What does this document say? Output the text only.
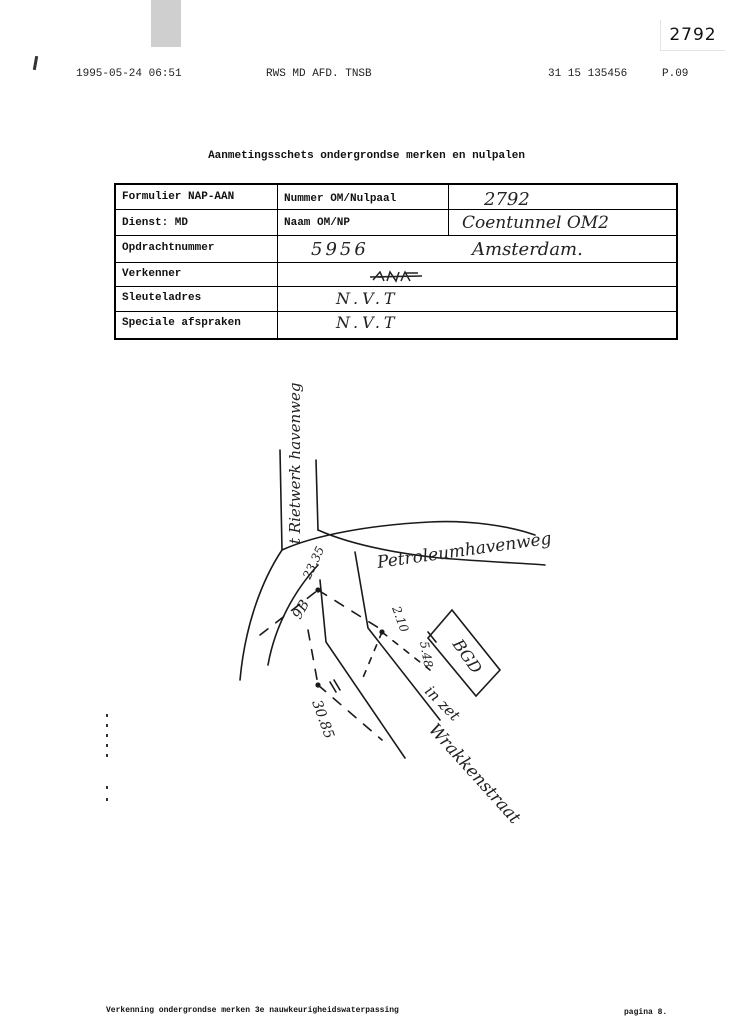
2792
1995-05-24 06:51	RWS MD AFD. TNSB	31 15 135456	P.09
Aanmetingsschets ondergrondse merken en nulpalen
Formulier NAP-AAN	Nummer OM/Nulpaal	2792
Dienst: MD	Naam OM/NP	Coentunnel OM2
Opdrachtnummer	5956	Amsterdam.
Verkenner
Sleuteladres	N.V.T
Speciale afspraken	N.V.T
t Rietwerk havenweg
Petroleumhavenweg
23.35
9B	2.10
5.48 BGD
30.85	in zet
Wrakkenstraat
Verkenning ondergrondse merken 3e nauwkeurigheidswaterpassing	pagina 8.
